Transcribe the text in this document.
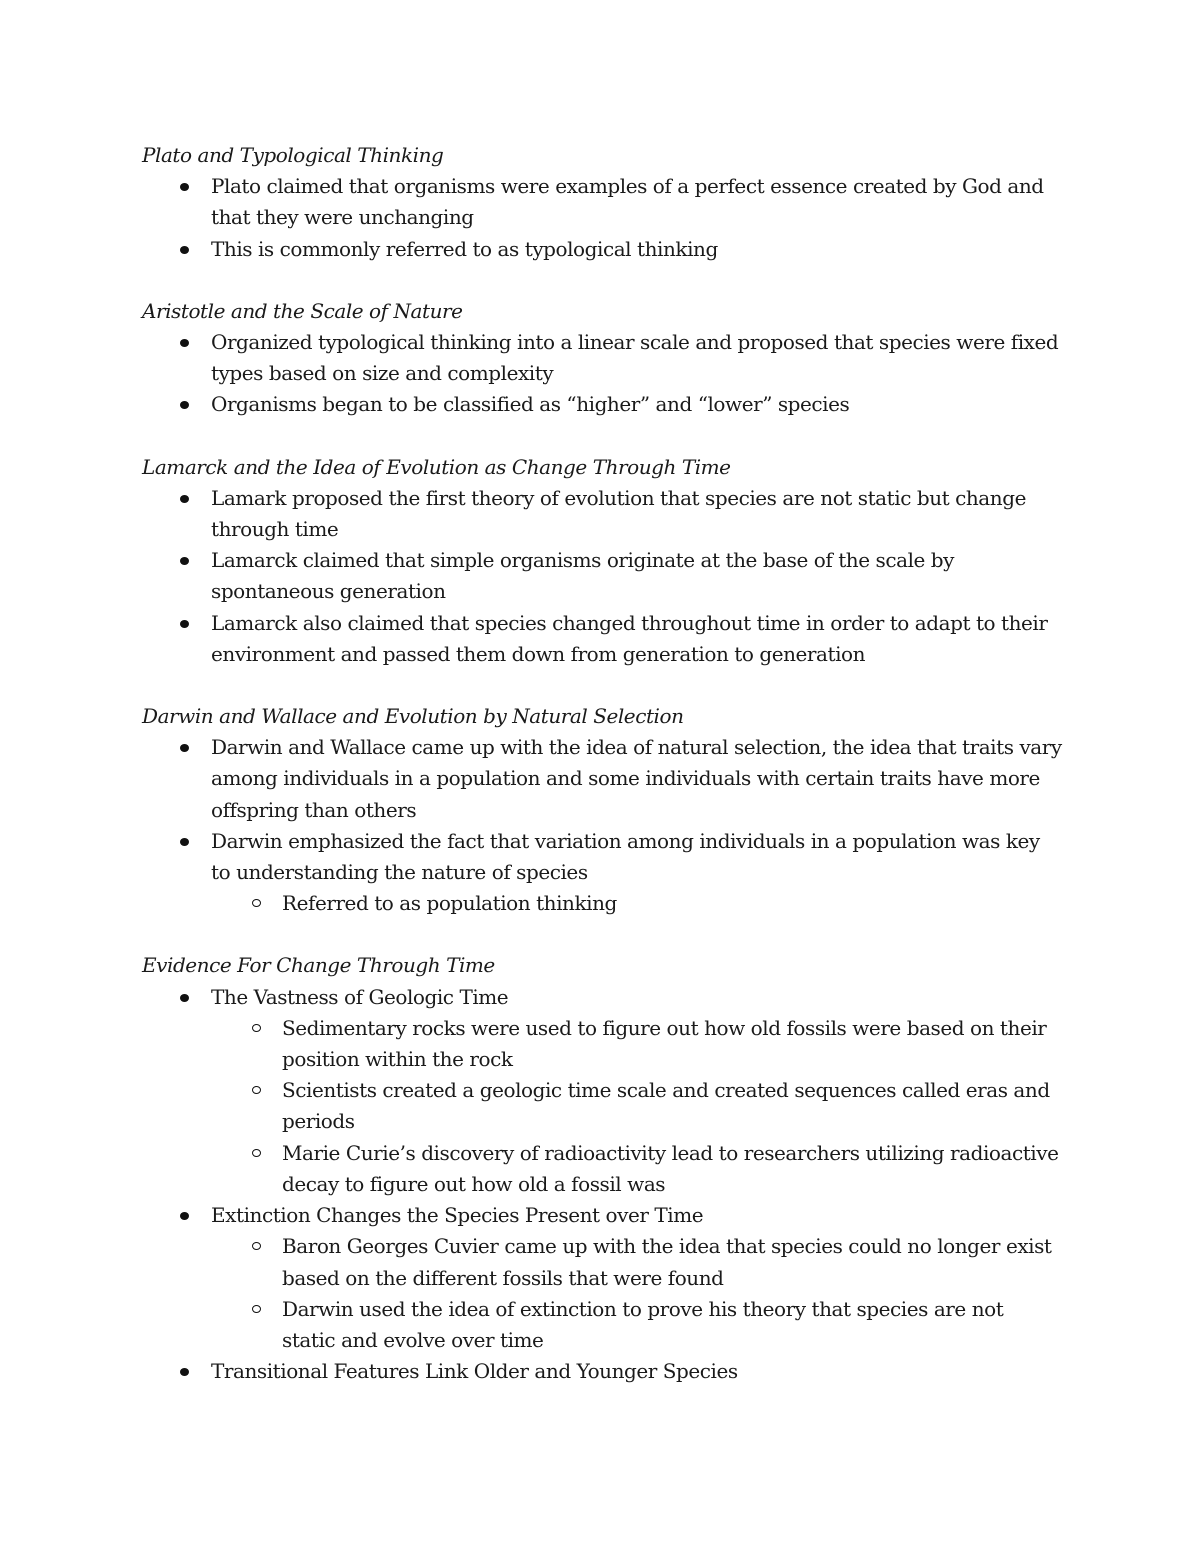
Plato and Typological Thinking

Plato claimed that organisms were examples of a perfect essence created by God and that they were unchanging
This is commonly referred to as typological thinking

Aristotle and the Scale of Nature

Organized typological thinking into a linear scale and proposed that species were fixed types based on size and complexity
Organisms began to be classified as “higher” and “lower” species

Lamarck and the Idea of Evolution as Change Through Time

Lamark proposed the first theory of evolution that species are not static but change through time
Lamarck claimed that simple organisms originate at the base of the scale by spontaneous generation
Lamarck also claimed that species changed throughout time in order to adapt to their environment and passed them down from generation to generation

Darwin and Wallace and Evolution by Natural Selection

Darwin and Wallace came up with the idea of natural selection, the idea that traits vary among individuals in a population and some individuals with certain traits have more offspring than others
Darwin emphasized the fact that variation among individuals in a population was key to understanding the nature of species
Referred to as population thinking

Evidence For Change Through Time

The Vastness of Geologic Time
Sedimentary rocks were used to figure out how old fossils were based on their position within the rock
Scientists created a geologic time scale and created sequences called eras and periods
Marie Curie’s discovery of radioactivity lead to researchers utilizing radioactive decay to figure out how old a fossil was
Extinction Changes the Species Present over Time
Baron Georges Cuvier came up with the idea that species could no longer exist based on the different fossils that were found
Darwin used the idea of extinction to prove his theory that species are not static and evolve over time
Transitional Features Link Older and Younger Species
